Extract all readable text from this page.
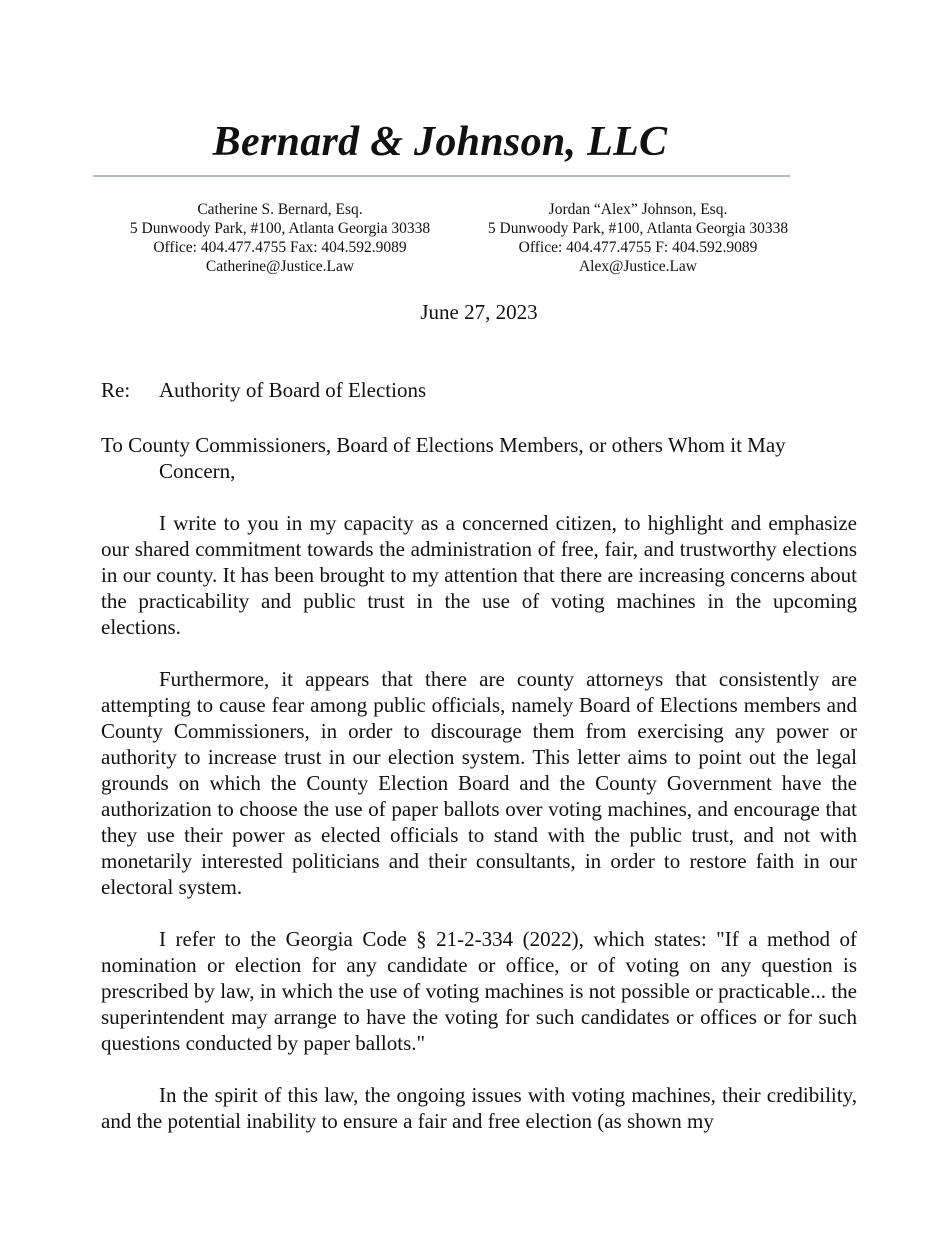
Bernard & Johnson, LLC
Catherine S. Bernard, Esq.
5 Dunwoody Park, #100, Atlanta Georgia 30338
Office: 404.477.4755 Fax: 404.592.9089
Catherine@Justice.Law
Jordan “Alex” Johnson, Esq.
5 Dunwoody Park, #100, Atlanta Georgia 30338
Office: 404.477.4755 F: 404.592.9089
Alex@Justice.Law
June 27, 2023
Re: Authority of Board of Elections

To County Commissioners, Board of Elections Members, or others Whom it May Concern,

I write to you in my capacity as a concerned citizen, to highlight and emphasize our shared commitment towards the administration of free, fair, and trustworthy elections in our county. It has been brought to my attention that there are increasing concerns about the practicability and public trust in the use of voting machines in the upcoming elections.

Furthermore, it appears that there are county attorneys that consistently are attempting to cause fear among public officials, namely Board of Elections members and County Commissioners, in order to discourage them from exercising any power or authority to increase trust in our election system. This letter aims to point out the legal grounds on which the County Election Board and the County Government have the authorization to choose the use of paper ballots over voting machines, and encourage that they use their power as elected officials to stand with the public trust, and not with monetarily interested politicians and their consultants, in order to restore faith in our electoral system.

I refer to the Georgia Code § 21-2-334 (2022), which states: "If a method of nomination or election for any candidate or office, or of voting on any question is prescribed by law, in which the use of voting machines is not possible or practicable... the superintendent may arrange to have the voting for such candidates or offices or for such questions conducted by paper ballots."

In the spirit of this law, the ongoing issues with voting machines, their credibility, and the potential inability to ensure a fair and free election (as shown my
